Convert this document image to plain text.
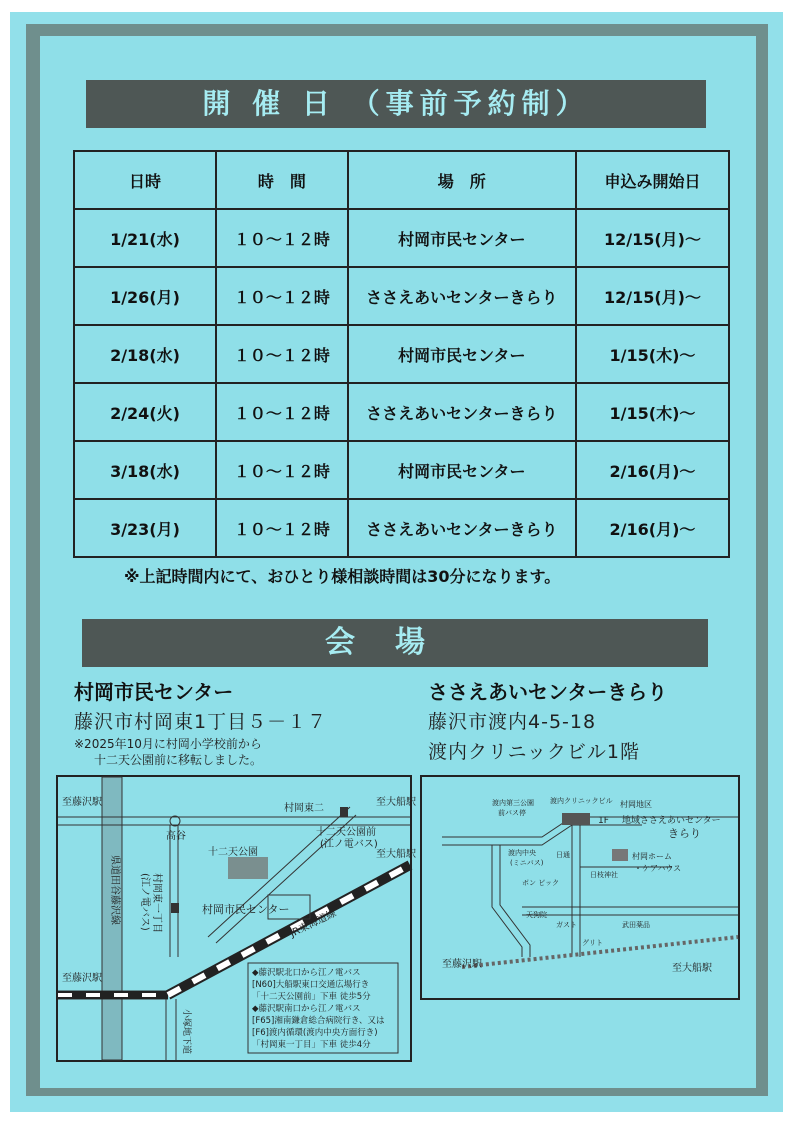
開 催 日 （事前予約制）
日時	時　間	場　所	申込み開始日
1/21(水)	１０～１２時	村岡市民センター	12/15(月)～
1/26(月)	１０～１２時	ささえあいセンターきらり	12/15(月)～
2/18(水)	１０～１２時	村岡市民センター	1/15(木)～
2/24(火)	１０～１２時	ささえあいセンターきらり	1/15(木)～
3/18(水)	１０～１２時	村岡市民センター	2/16(月)～
3/23(月)	１０～１２時	ささえあいセンターきらり	2/16(月)～
※上記時間内にて、おひとり様相談時間は30分になります。
会場
村岡市民センター
藤沢市村岡東1丁目５－１７
※2025年10月に村岡小学校前から
十二天公園前に移転しました。
ささえあいセンターきらり
藤沢市渡内4-5-18
渡内クリニックビル1階
至藤沢駅	至大船駅
至藤沢駅
至大船駅
県道田谷藤沢線
高谷
村岡東二
十二天公園前
(江ノ電バス)
十二天公園
村岡東一丁目
(江ノ電バス)	村岡市民センター
JR東海道線
小塚地下道
◆藤沢駅北口から江ノ電バス
[N60]大船駅東口交通広場行き
「十二天公園前」下車 徒歩5分
◆藤沢駅南口から江ノ電バス
[F65]湘南鎌倉総合病院行き、又は
[F6]渡内循環(渡内中央方面行き)
「村岡東一丁目」下車 徒歩4分
渡内第三公園
前バス停
渡内クリニックビル 村岡地区
1F 地域ささえあいセンター
きらり
渡内中央
(ミニバス)
日通	村岡ホーム
・ケアハウス
ボン ビック
日枝神社
天狗院
ガスト	武田薬品
グリト
至藤沢駅	至大船駅
